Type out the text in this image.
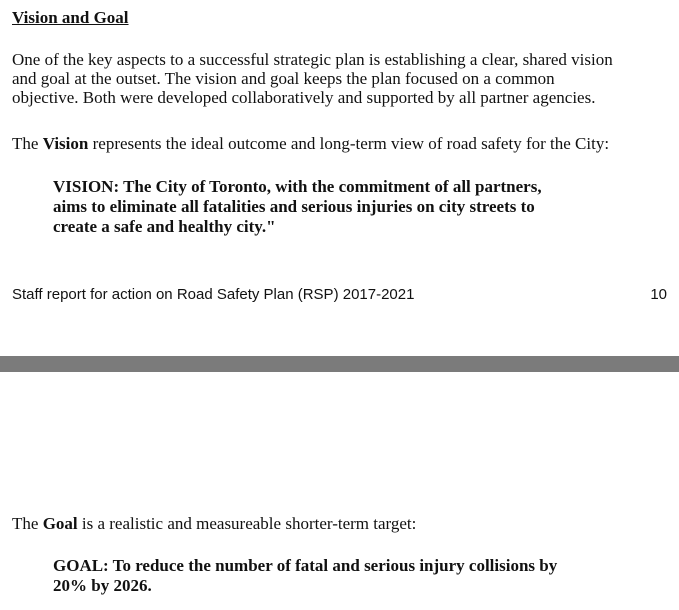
Vision and Goal
One of the key aspects to a successful strategic plan is establishing a clear, shared vision
and goal at the outset. The vision and goal keeps the plan focused on a common
objective. Both were developed collaboratively and supported by all partner agencies.
The Vision represents the ideal outcome and long-term view of road safety for the City:
VISION: The City of Toronto, with the commitment of all partners,
aims to eliminate all fatalities and serious injuries on city streets to
create a safe and healthy city."
Staff report for action on Road Safety Plan (RSP) 2017-2021	10
The Goal is a realistic and measureable shorter-term target:
GOAL: To reduce the number of fatal and serious injury collisions by
20% by 2026.
